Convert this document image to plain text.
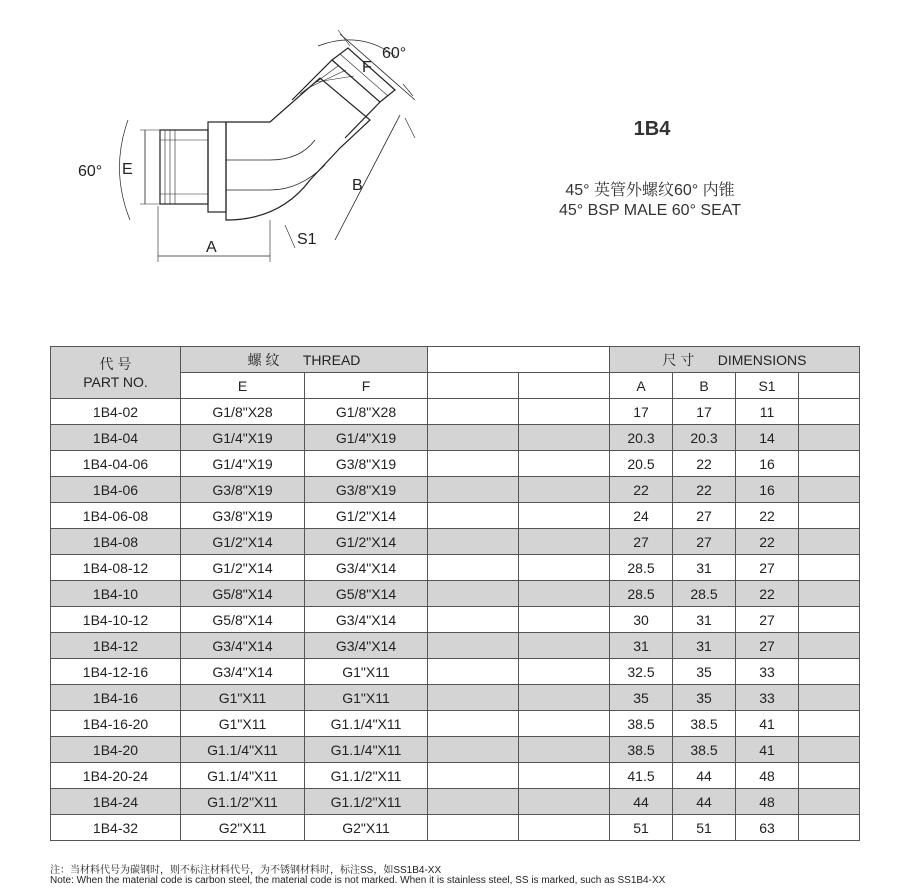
60°
60°
F
E
B
A	S1
1B4
45° 英管外螺纹60° 内锥
45° BSP MALE 60° SEAT
代 号
PART NO.	螺 纹 THREAD				尺 寸 DIMENSIONS			
	E	F			A	B	S1	
1B4-02	G1/8"X28	G1/8"X28			17	17	11	
1B4-04	G1/4"X19	G1/4"X19			20.3	20.3	14	
1B4-04-06	G1/4"X19	G3/8"X19			20.5	22	16	
1B4-06	G3/8"X19	G3/8"X19			22	22	16	
1B4-06-08	G3/8"X19	G1/2"X14			24	27	22	
1B4-08	G1/2"X14	G1/2"X14			27	27	22	
1B4-08-12	G1/2"X14	G3/4"X14			28.5	31	27	
1B4-10	G5/8"X14	G5/8"X14			28.5	28.5	22	
1B4-10-12	G5/8"X14	G3/4"X14			30	31	27	
1B4-12	G3/4"X14	G3/4"X14			31	31	27	
1B4-12-16	G3/4"X14	G1"X11			32.5	35	33	
1B4-16	G1"X11	G1"X11			35	35	33	
1B4-16-20	G1"X11	G1.1/4"X11			38.5	38.5	41	
1B4-20	G1.1/4"X11	G1.1/4"X11			38.5	38.5	41	
1B4-20-24	G1.1/4"X11	G1.1/2"X11			41.5	44	48	
1B4-24	G1.1/2"X11	G1.1/2"X11			44	44	48	
1B4-32	G2"X11	G2"X11			51	51	63	
注：当材料代号为碳钢时，则不标注材料代号，为不锈钢材料时，标注SS，如SS1B4-XX
Note: When the material code is carbon steel, the material code is not marked. When it is stainless steel, SS is marked, such as SS1B4-XX
